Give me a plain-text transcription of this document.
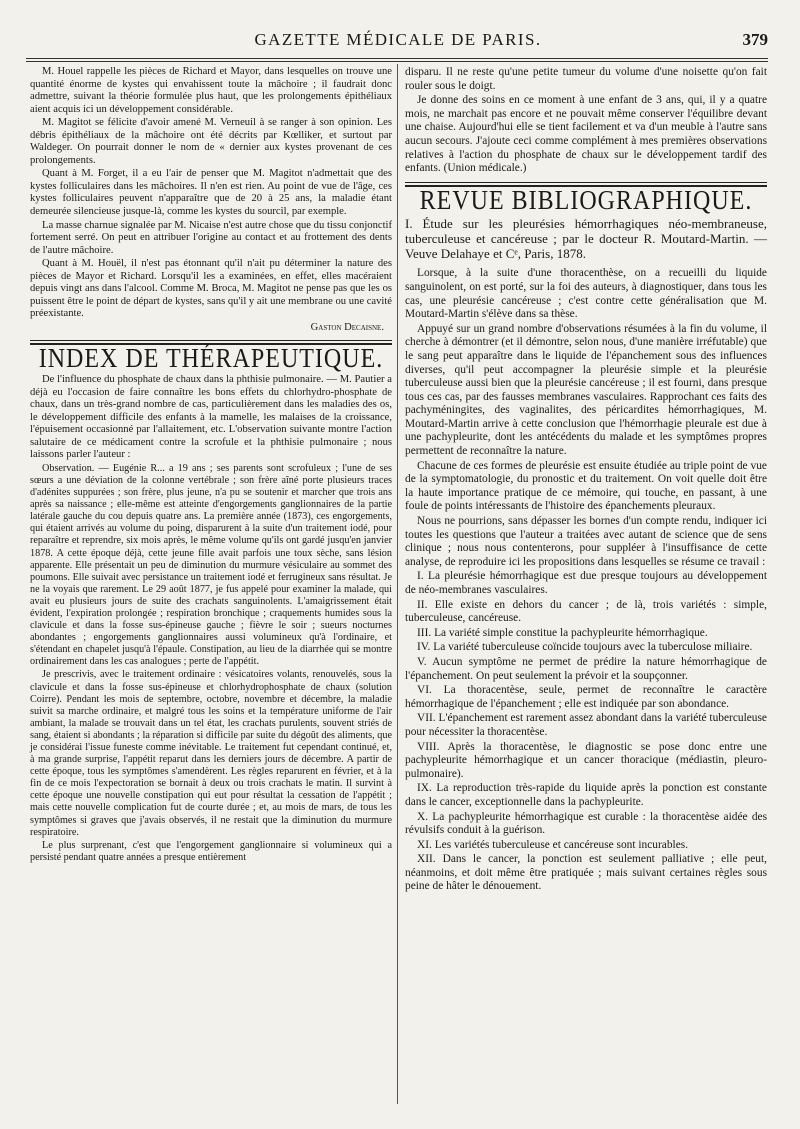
GAZETTE MÉDICALE DE PARIS.	379

M. Houel rappelle les pièces de Richard et Mayor, dans lesquelles on trouve une quantité énorme de kystes qui envahissent toute la mâchoire ; il faudrait donc admettre, suivant la théorie formulée plus haut, que les prolongements épithéliaux aient acquis ici un développement considérable.

M. Magitot se félicite d'avoir amené M. Verneuil à se ranger à son opinion. Les débris épithéliaux de la mâchoire ont été décrits par Kœlliker, et surtout par Waldeger. On pourrait donner le nom de « dernier aux kystes provenant de ces prolongements.

Quant à M. Forget, il a eu l'air de penser que M. Magitot n'admettait que des kystes folliculaires dans les mâchoires. Il n'en est rien. Au point de vue de l'âge, ces kystes folliculaires peuvent n'apparaître que de 20 à 25 ans, la maladie étant demeurée silencieuse jusque-là, comme les kystes du sourcil, par exemple.

La masse charnue signalée par M. Nicaise n'est autre chose que du tissu conjonctif fortement serré. On peut en attribuer l'origine au contact et au frottement des dents de l'autre mâchoire.

Quant à M. Houël, il n'est pas étonnant qu'il n'ait pu déterminer la nature des pièces de Mayor et Richard. Lorsqu'il les a examinées, en effet, elles macéraient depuis vingt ans dans l'alcool. Comme M. Broca, M. Magitot ne pense pas que les os puissent être le point de départ de kystes, sans qu'il y ait une membrane ou une cavité préexistante.

Gaston Decaisne.
INDEX DE THÉRAPEUTIQUE.

De l'influence du phosphate de chaux dans la phthisie pulmonaire. — M. Pautier a déjà eu l'occasion de faire connaître les bons effets du chlorhydro-phosphate de chaux, dans un très-grand nombre de cas, particulièrement dans les maladies des os, le développement difficile des enfants à la mamelle, les malaises de la croissance, l'épuisement occasionné par l'allaitement, etc. L'observation suivante montre l'action salutaire de ce médicament contre la scrofule et la phthisie pulmonaire ; nous laissons parler l'auteur :

Observation. — Eugénie R... a 19 ans ; ses parents sont scrofuleux ; l'une de ses sœurs a une déviation de la colonne vertébrale ; son frère aîné porte plusieurs traces d'adénites suppurées ; son frère, plus jeune, n'a pu se soutenir et marcher que trois ans après sa naissance ; elle-même est atteinte d'engorgements ganglionnaires de la partie latérale gauche du cou depuis quatre ans. La première année (1873), ces engorgements, qui étaient arrivés au volume du poing, disparurent à la suite d'un traitement iodé, pour reparaître et reprendre, six mois après, le même volume qu'ils ont gardé jusqu'en janvier 1878. A cette époque déjà, cette jeune fille avait parfois une toux sèche, sans lésion apparente. Elle présentait un peu de diminution du murmure vésiculaire au sommet des poumons. Elle suivait avec persistance un traitement iodé et ferrugineux sans résultat. Je ne la voyais que rarement. Le 29 août 1877, je fus appelé pour examiner la malade, qui avait eu plusieurs jours de suite des crachats sanguinolents. L'amaigrissement était évident, l'expiration prolongée ; respiration bronchique ; craquements humides sous la clavicule et dans la fosse sus-épineuse gauche ; fièvre le soir ; sueurs nocturnes abondantes ; engorgements ganglionnaires aussi volumineux qu'à l'ordinaire, et s'étendant en chapelet jusqu'à l'épaule. Constipation, au lieu de la diarrhée qui se montre ordinairement dans les cas analogues ; perte de l'appétit.

Je prescrivis, avec le traitement ordinaire : vésicatoires volants, renouvelés, sous la clavicule et dans la fosse sus-épineuse et chlorhydrophosphate de chaux (solution Coirre). Pendant les mois de septembre, octobre, novembre et décembre, la maladie suivit sa marche ordinaire, et malgré tous les soins et la température uniforme de l'air ambiant, la malade se trouvait dans un tel état, les crachats purulents, souvent striés de sang, étaient si abondants ; la réparation si difficile par suite du dégoût des aliments, que je considérai l'issue funeste comme inévitable. Le traitement fut cependant continué, et, à ma grande surprise, l'appétit reparut dans les derniers jours de décembre. A partir de cette époque, tous les symptômes s'amendèrent. Les règles reparurent en février, et à la fin de ce mois l'expectoration se bornait à deux ou trois crachats le matin. Il survint à cette époque une nouvelle constipation qui eut pour résultat la cessation de l'appétit ; mais cette nouvelle complication fut de courte durée ; et, au mois de mars, de tous les symptômes si graves que j'avais observés, il ne restait que la diminution du murmure respiratoire.

Le plus surprenant, c'est que l'engorgement ganglionnaire si volumineux qui a persisté pendant quatre années a presque entièrement

disparu. Il ne reste qu'une petite tumeur du volume d'une noisette qu'on fait rouler sous le doigt.

Je donne des soins en ce moment à une enfant de 3 ans, qui, il y a quatre mois, ne marchait pas encore et ne pouvait même conserver l'équilibre devant une chaise. Aujourd'hui elle se tient facilement et va d'un meuble à l'autre sans aucun secours. J'ajoute ceci comme complément à mes premières observations relatives à l'action du phosphate de chaux sur le développement tardif des enfants. (Union médicale.)

REVUE BIBLIOGRAPHIQUE.

I. Étude sur les pleurésies hémorrhagiques néo-membraneuse, tuberculeuse et cancéreuse ; par le docteur R. Moutard-Martin. — Veuve Delahaye et Cᵉ, Paris, 1878.

Lorsque, à la suite d'une thoracenthèse, on a recueilli du liquide sanguinolent, on est porté, sur la foi des auteurs, à diagnostiquer, dans tous les cas, une pleurésie cancéreuse ; c'est contre cette généralisation que M. Moutard-Martin s'élève dans sa thèse.

Appuyé sur un grand nombre d'observations résumées à la fin du volume, il cherche à démontrer (et il démontre, selon nous, d'une manière irréfutable) que le sang peut apparaître dans le liquide de l'épanchement sous des influences diverses, qu'il peut accompagner la pleurésie simple et la pleurésie tuberculeuse aussi bien que la pleurésie cancéreuse ; il est fourni, dans presque tous ces cas, par des fausses membranes vasculaires. Rapprochant ces faits des pachyméningites, des vaginalites, des péricardites hémorrhagiques, M. Moutard-Martin arrive à cette conclusion que l'hémorrhagie pleurale est due à une pachypleurite, dont les antécédents du malade et les symptômes propres permettent de reconnaître la nature.

Chacune de ces formes de pleurésie est ensuite étudiée au triple point de vue de la symptomatologie, du pronostic et du traitement. On voit quelle doit être la haute importance pratique de ce mémoire, qui touche, en passant, à une foule de points intéressants de l'histoire des épanchements pleuraux.

Nous ne pourrions, sans dépasser les bornes d'un compte rendu, indiquer ici toutes les questions que l'auteur a traitées avec autant de science que de sens clinique ; nous nous contenterons, pour suppléer à l'insuffisance de cette analyse, de reproduire ici les propositions dans lesquelles se résume ce travail :

I. La pleurésie hémorrhagique est due presque toujours au développement de néo-membranes vasculaires.

II. Elle existe en dehors du cancer ; de là, trois variétés : simple, tuberculeuse, cancéreuse.

III. La variété simple constitue la pachypleurite hémorrhagique.

IV. La variété tuberculeuse coïncide toujours avec la tuberculose miliaire.

V. Aucun symptôme ne permet de prédire la nature hémorrhagique de l'épanchement. On peut seulement la prévoir et la soupçonner.

VI. La thoracentèse, seule, permet de reconnaître le caractère hémorrhagique de l'épanchement ; elle est indiquée par son abondance.

VII. L'épanchement est rarement assez abondant dans la variété tuberculeuse pour nécessiter la thoracentèse.

VIII. Après la thoracentèse, le diagnostic se pose donc entre une pachypleurite hémorrhagique et un cancer thoracique (médiastin, pleuro-pulmonaire).

IX. La reproduction très-rapide du liquide après la ponction est constante dans le cancer, exceptionnelle dans la pachypleurite.

X. La pachypleurite hémorrhagique est curable : la thoracentèse aidée des révulsifs conduit à la guérison.

XI. Les variétés tuberculeuse et cancéreuse sont incurables.

XII. Dans le cancer, la ponction est seulement palliative ; elle peut, néanmoins, et doit même être pratiquée ; mais suivant certaines règles sous peine de hâter le dénouement.
